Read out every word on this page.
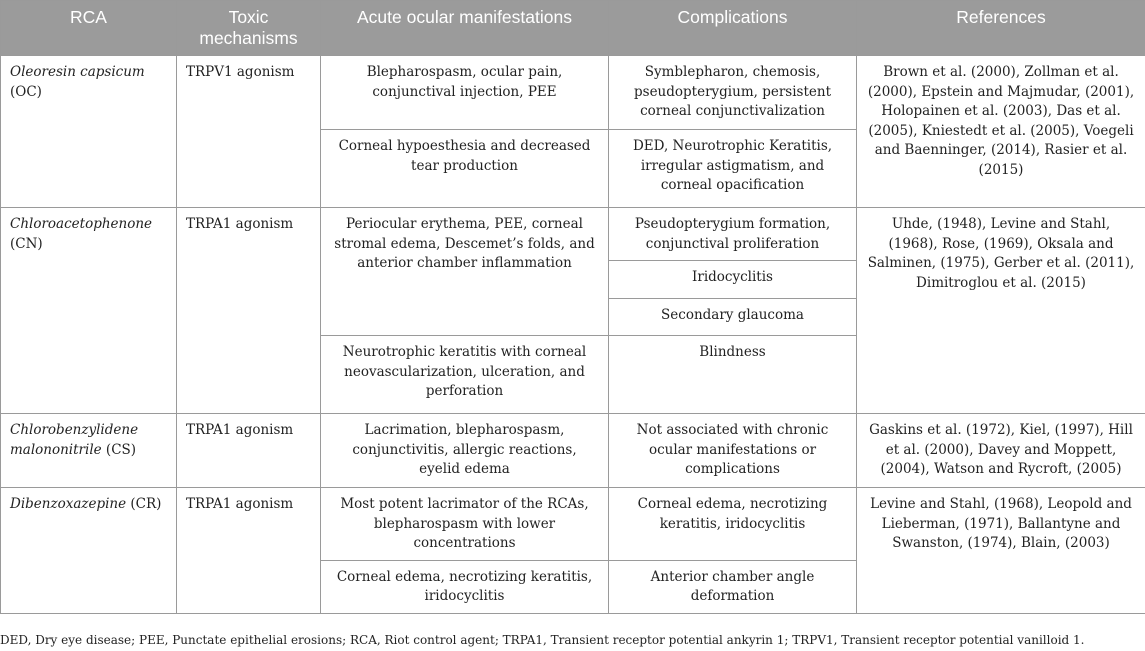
RCA	Toxic mechanisms	Acute ocular manifestations	Complications	References
Oleoresin capsicum (OC)	TRPV1 agonism	Blepharospasm, ocular pain, conjunctival injection, PEE	Symblepharon, chemosis, pseudopterygium, persistent corneal conjunctivalization	Brown et al. (2000), Zollman et al. (2000), Epstein and Majmudar, (2001), Holopainen et al. (2003), Das et al. (2005), Kniestedt et al. (2005), Voegeli and Baenninger, (2014), Rasier et al. (2015)
		Corneal hypoesthesia and decreased tear production	DED, Neurotrophic Keratitis, irregular astigmatism, and corneal opacification	
Chloroacetophenone (CN)	TRPA1 agonism	Periocular erythema, PEE, corneal stromal edema, Descemet’s folds, and anterior chamber inflammation	Pseudopterygium formation, conjunctival proliferation	Uhde, (1948), Levine and Stahl, (1968), Rose, (1969), Oksala and Salminen, (1975), Gerber et al. (2011), Dimitroglou et al. (2015)
			Iridocyclitis	
			Secondary glaucoma	
		Neurotrophic keratitis with corneal neovascularization, ulceration, and perforation	Blindness	
Chlorobenzylidene malononitrile (CS)	TRPA1 agonism	Lacrimation, blepharospasm, conjunctivitis, allergic reactions, eyelid edema	Not associated with chronic ocular manifestations or complications	Gaskins et al. (1972), Kiel, (1997), Hill et al. (2000), Davey and Moppett, (2004), Watson and Rycroft, (2005)
Dibenzoxazepine (CR)	TRPA1 agonism	Most potent lacrimator of the RCAs, blepharospasm with lower concentrations	Corneal edema, necrotizing keratitis, iridocyclitis	Levine and Stahl, (1968), Leopold and Lieberman, (1971), Ballantyne and Swanston, (1974), Blain, (2003)
		Corneal edema, necrotizing keratitis, iridocyclitis	Anterior chamber angle deformation	
DED, Dry eye disease; PEE, Punctate epithelial erosions; RCA, Riot control agent; TRPA1, Transient receptor potential ankyrin 1; TRPV1, Transient receptor potential vanilloid 1.
